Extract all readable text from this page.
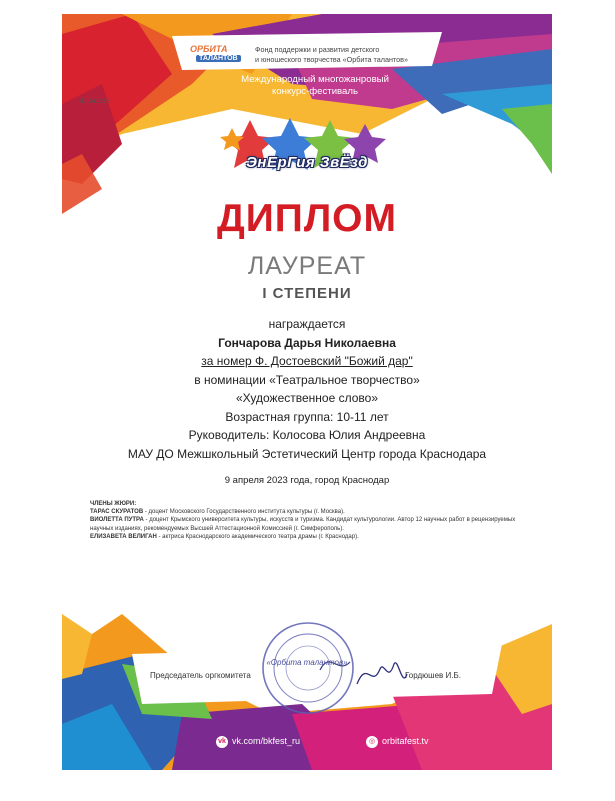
ОРБИТА
ТАЛАНТОВ
Фонд поддержки и развития детского
и юношеского творчества «Орбита талантов»
Международный многожанровый
конкурс-фестиваль
ID 141638
ЭнЕрГия ЗвЁзд
ДИПЛОМ
ЛАУРЕАТ
I СТЕПЕНИ
награждается
Гончарова Дарья Николаевна
за номер Ф. Достоевский "Божий дар"
в номинации «Театральное творчество»
«Художественное слово»
Возрастная группа: 10-11 лет
Руководитель: Колосова Юлия Андреевна
МАУ ДО Межшкольный Эстетический Центр города Краснодара
9 апреля 2023 года, город Краснодар
ЧЛЕНЫ ЖЮРИ:
ТАРАС СКУРАТОВ - доцент Московского Государственного института культуры (г. Москва).
ВИОЛЕТТА ПУТРА - доцент Крымского университета культуры, искусств и туризма. Кандидат культурологии. Автор 12 научных работ в рецензируемых научных изданиях, рекомендуемых Высшей Аттестационной Комиссией (г. Симферополь).
ЕЛИЗАВЕТА ВЕЛИГАН - актриса Краснодарского академического театра драмы (г. Краснодар).
«Орбита талантов»
Председатель оргкомитета	Гордюшев И.Б.
vk vk.com/bkfest_ru	◎ orbitafest.tv
